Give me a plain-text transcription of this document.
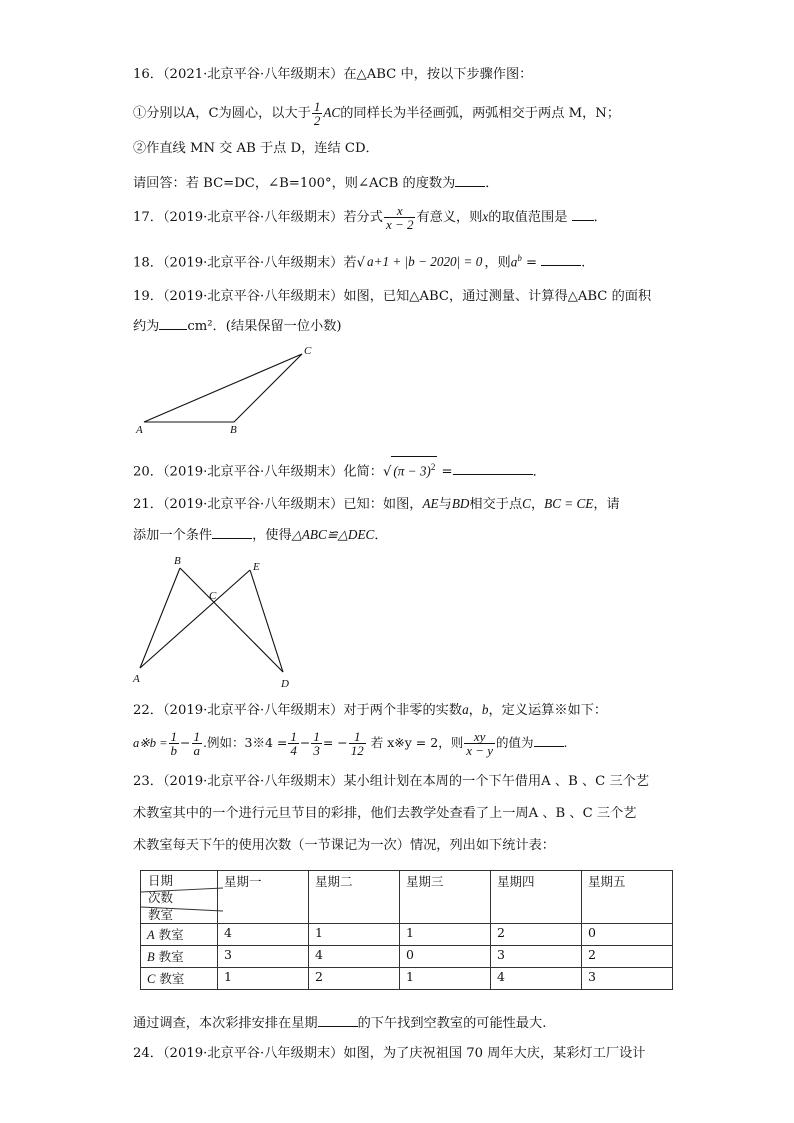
16．（2021·北京平谷·八年级期末）在△ABC 中，按以下步骤作图：
①分别以A，C为圆心，以大于 $\frac{1}{2}$ AC的同样长为半径画弧，两弧相交于两点 M，N；
②作直线 MN 交 AB 于点 D，连结 CD．
请回答：若 BC=DC，∠B=100°，则∠ACB 的度数为 ．
17．（2019·北京平谷·八年级期末）若分式 $\frac{x}{x - 2}$ 有意义，则x的取值范围是 ．
18．（2019·北京平谷·八年级期末）若√ a+1 + |b − 2020| = 0 ，则$a^b$ =	.
19．（2019·北京平谷·八年级期末）如图，已知△ABC，通过测量、计算得△ABC 的面积
约为 cm²．(结果保留一位小数)
A	B
C
20．（2019·北京平谷·八年级期末）化简：√ $(\pi - 3)^2$ =	．
21．（2019·北京平谷·八年级期末）已知：如图，AE与BD相交于点C，BC = CE，请
添加一个条件	，使得△ABC≌△DEC．
A
B
C
D
E
22．（2019·北京平谷·八年级期末）对于两个非零的实数a，b，定义运算※如下：
a※b = $\frac{1}{b} - \frac{1}{a}$ .例如：3※4 = $\frac{1}{4} - \frac{1}{3}$ = − $\frac{1}{12}$ 若 x※y = 2，则 $\frac{xy}{x - y}$ 的值为 .
23．（2019·北京平谷·八年级期末）某小组计划在本周的一个下午借用A 、B 、C 三个艺
术教室其中的一个进行元旦节目的彩排，他们去教学处查看了上一周A 、B 、C 三个艺
术教室每天下午的使用次数（一节课记为一次）情况，列出如下统计表：
日期
次数
教室	星期一	星期二	星期三	星期四	星期五
A 教室	4	1	1	2	0
B 教室	3	4	0	3	2
C 教室	1	2	1	4	3
通过调查，本次彩排安排在星期	的下午找到空教室的可能性最大.
24．（2019·北京平谷·八年级期末）如图，为了庆祝祖国 70 周年大庆，某彩灯工厂设计
